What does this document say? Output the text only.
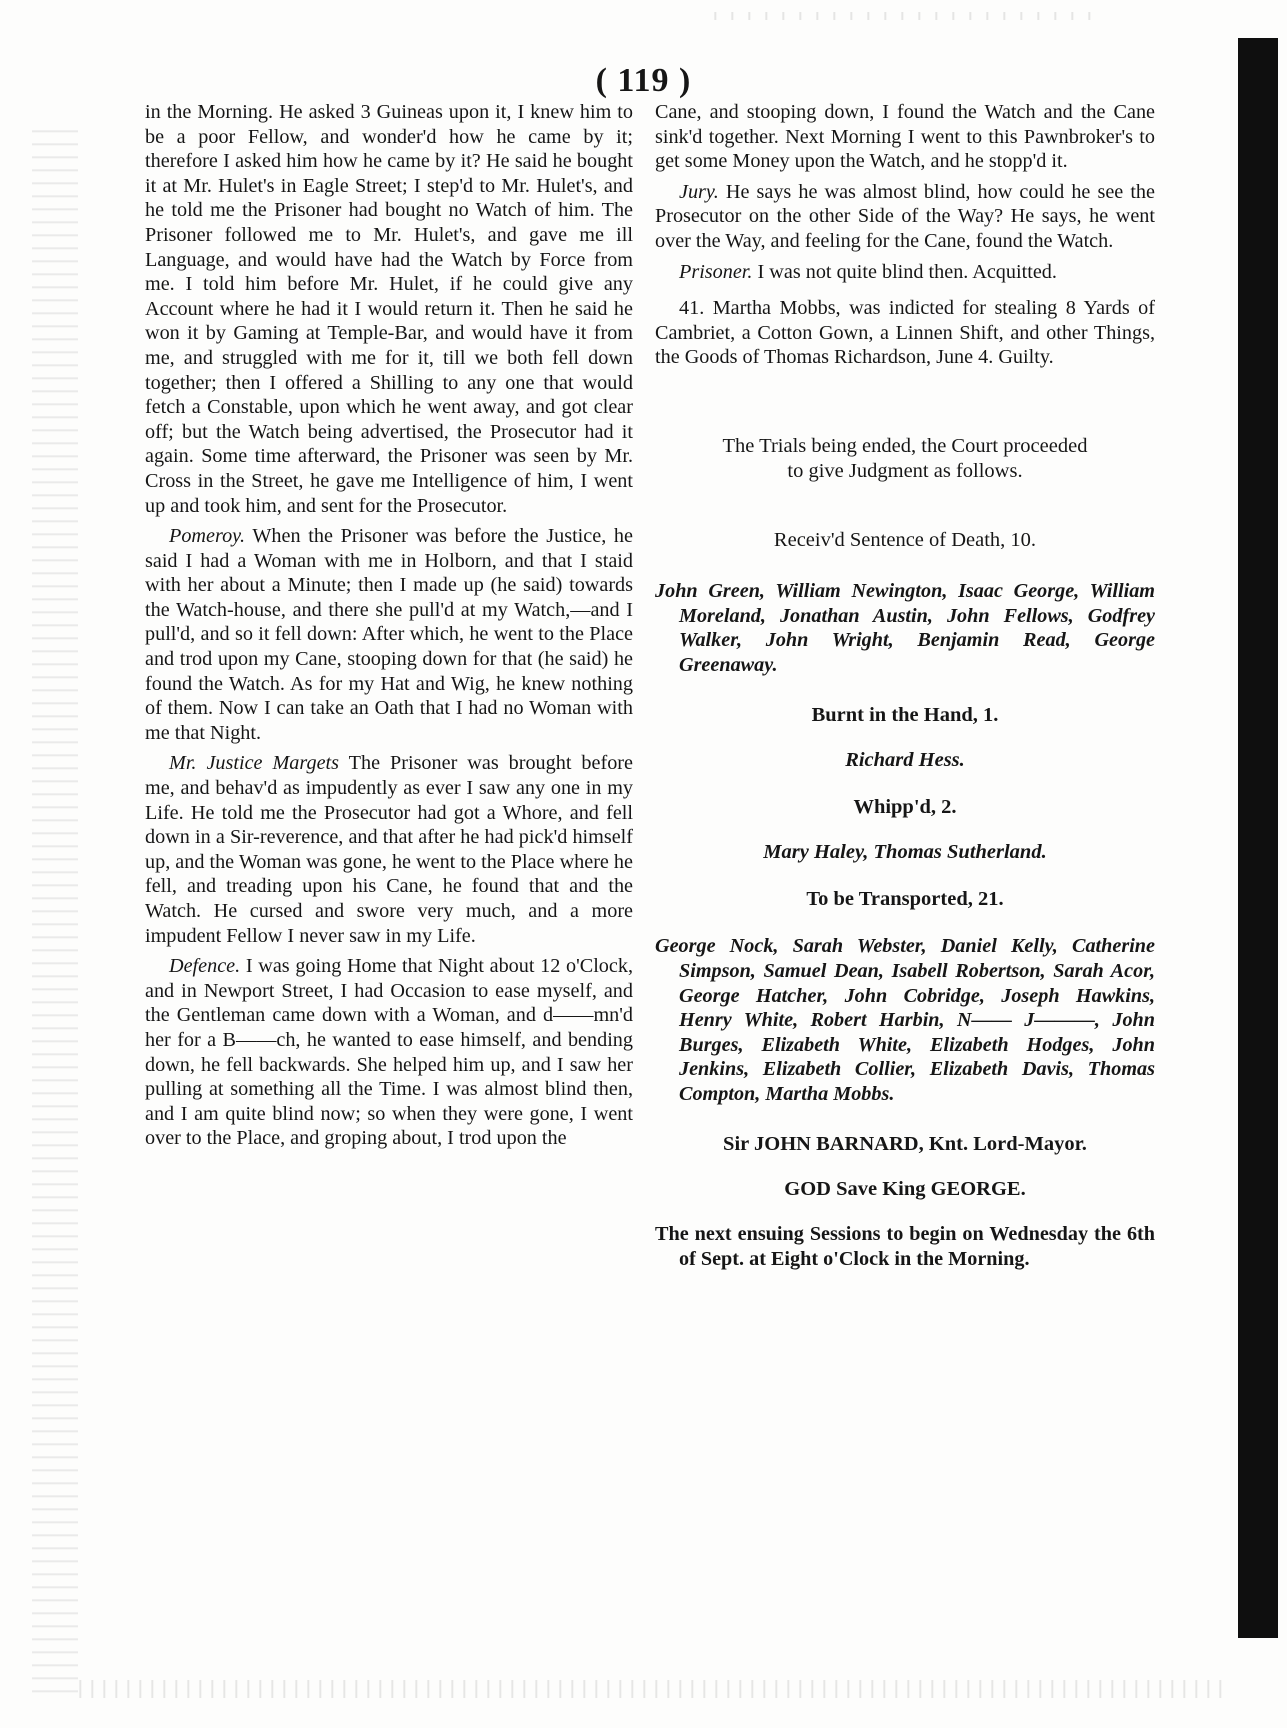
( 119 )

in the Morning. He asked 3 Guineas upon it, I knew him to be a poor Fellow, and wonder'd how he came by it; therefore I asked him how he came by it? He said he bought it at Mr. Hulet's in Eagle Street; I step'd to Mr. Hulet's, and he told me the Prisoner had bought no Watch of him. The Prisoner followed me to Mr. Hulet's, and gave me ill Language, and would have had the Watch by Force from me. I told him before Mr. Hulet, if he could give any Account where he had it I would return it. Then he said he won it by Gaming at Temple-Bar, and would have it from me, and struggled with me for it, till we both fell down together; then I offered a Shilling to any one that would fetch a Constable, upon which he went away, and got clear off; but the Watch being advertised, the Prosecutor had it again. Some time afterward, the Prisoner was seen by Mr. Cross in the Street, he gave me Intelligence of him, I went up and took him, and sent for the Prosecutor.

Pomeroy. When the Prisoner was before the Justice, he said I had a Woman with me in Holborn, and that I staid with her about a Minute; then I made up (he said) towards the Watch-house, and there she pull'd at my Watch,—and I pull'd, and so it fell down: After which, he went to the Place and trod upon my Cane, stooping down for that (he said) he found the Watch. As for my Hat and Wig, he knew nothing of them. Now I can take an Oath that I had no Woman with me that Night.

Mr. Justice Margets The Prisoner was brought before me, and behav'd as impudently as ever I saw any one in my Life. He told me the Prosecutor had got a Whore, and fell down in a Sir-reverence, and that after he had pick'd himself up, and the Woman was gone, he went to the Place where he fell, and treading upon his Cane, he found that and the Watch. He cursed and swore very much, and a more impudent Fellow I never saw in my Life.

Defence. I was going Home that Night about 12 o'Clock, and in Newport Street, I had Occasion to ease myself, and the Gentleman came down with a Woman, and d——mn'd her for a B——ch, he wanted to ease himself, and bending down, he fell backwards. She helped him up, and I saw her pulling at something all the Time. I was almost blind then, and I am quite blind now; so when they were gone, I went over to the Place, and groping about, I trod upon the

Cane, and stooping down, I found the Watch and the Cane sink'd together. Next Morning I went to this Pawnbroker's to get some Money upon the Watch, and he stopp'd it.

Jury. He says he was almost blind, how could he see the Prosecutor on the other Side of the Way? He says, he went over the Way, and feeling for the Cane, found the Watch.

Prisoner. I was not quite blind then. Acquitted.

41. Martha Mobbs, was indicted for stealing 8 Yards of Cambriet, a Cotton Gown, a Linnen Shift, and other Things, the Goods of Thomas Richardson, June 4. Guilty.

The Trials being ended, the Court proceeded

to give Judgment as follows.

Receiv'd Sentence of Death, 10.

John Green, William Newington, Isaac George, William Moreland, Jonathan Austin, John Fellows, Godfrey Walker, John Wright, Benjamin Read, George Greenaway.

Burnt in the Hand, 1.

Richard Hess.

Whipp'd, 2.

Mary Haley, Thomas Sutherland.

To be Transported, 21.

George Nock, Sarah Webster, Daniel Kelly, Catherine Simpson, Samuel Dean, Isabell Robertson, Sarah Acor, George Hatcher, John Cobridge, Joseph Hawkins, Henry White, Robert Harbin, N—— J———, John Burges, Elizabeth White, Elizabeth Hodges, John Jenkins, Elizabeth Collier, Elizabeth Davis, Thomas Compton, Martha Mobbs.

Sir JOHN BARNARD, Knt. Lord-Mayor.

GOD Save King GEORGE.

The next ensuing Sessions to begin on Wednesday the 6th of Sept. at Eight o'Clock in the Morning.
